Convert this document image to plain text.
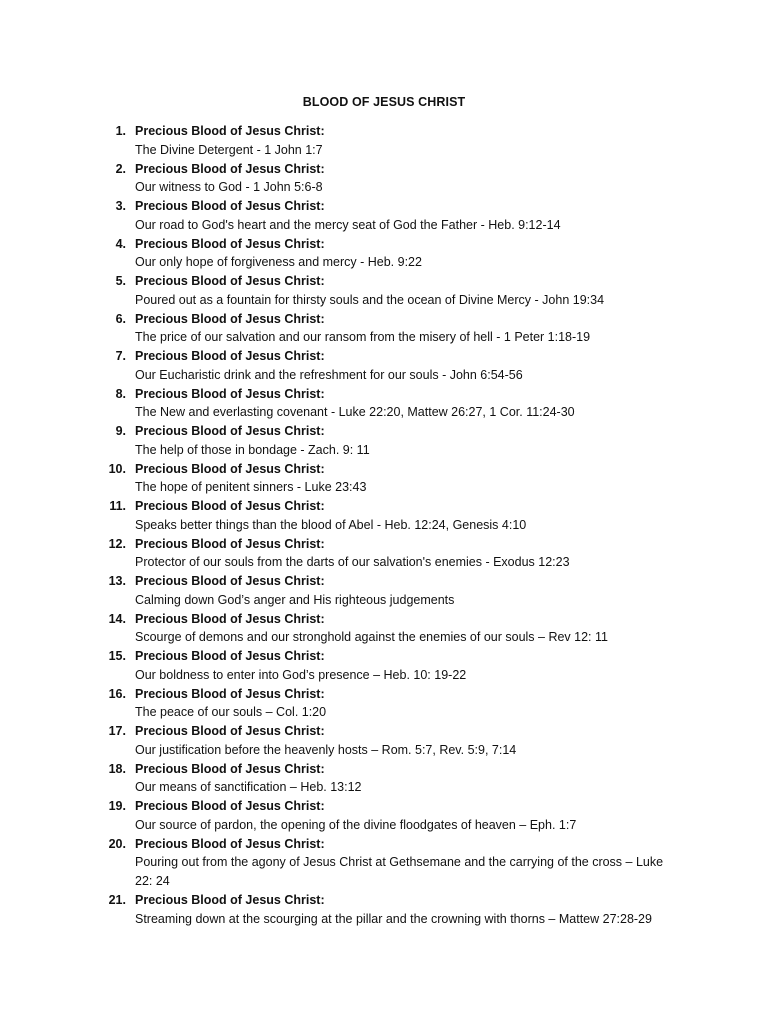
BLOOD OF JESUS CHRIST
1. Precious Blood of Jesus Christ:
The Divine Detergent - 1 John 1:7
2. Precious Blood of Jesus Christ:
Our witness to God - 1 John 5:6-8
3. Precious Blood of Jesus Christ:
Our road to God's heart and the mercy seat of God the Father - Heb. 9:12-14
4. Precious Blood of Jesus Christ:
Our only hope of forgiveness and mercy - Heb. 9:22
5. Precious Blood of Jesus Christ:
Poured out as a fountain for thirsty souls and the ocean of Divine Mercy - John 19:34
6. Precious Blood of Jesus Christ:
The price of our salvation and our ransom from the misery of hell - 1 Peter 1:18-19
7. Precious Blood of Jesus Christ:
Our Eucharistic drink and the refreshment for our souls - John 6:54-56
8. Precious Blood of Jesus Christ:
The New and everlasting covenant - Luke 22:20, Mattew 26:27, 1 Cor. 11:24-30
9. Precious Blood of Jesus Christ:
The help of those in bondage - Zach. 9: 11
10. Precious Blood of Jesus Christ:
The hope of penitent sinners - Luke 23:43
11. Precious Blood of Jesus Christ:
Speaks better things than the blood of Abel - Heb. 12:24, Genesis 4:10
12. Precious Blood of Jesus Christ:
Protector of our souls from the darts of our salvation's enemies - Exodus 12:23
13. Precious Blood of Jesus Christ:
Calming down God’s anger and His righteous judgements
14. Precious Blood of Jesus Christ:
Scourge of demons and our stronghold against the enemies of our souls – Rev 12: 11
15. Precious Blood of Jesus Christ:
Our boldness to enter into God’s presence – Heb. 10: 19-22
16. Precious Blood of Jesus Christ:
The peace of our souls – Col. 1:20
17. Precious Blood of Jesus Christ:
Our justification before the heavenly hosts – Rom. 5:7, Rev. 5:9, 7:14
18. Precious Blood of Jesus Christ:
Our means of sanctification – Heb. 13:12
19. Precious Blood of Jesus Christ:
Our source of pardon, the opening of the divine floodgates of heaven – Eph. 1:7
20. Precious Blood of Jesus Christ:
Pouring out from the agony of Jesus Christ at Gethsemane and the carrying of the cross – Luke 22: 24
21. Precious Blood of Jesus Christ:
Streaming down at the scourging at the pillar and the crowning with thorns – Mattew 27:28-29
